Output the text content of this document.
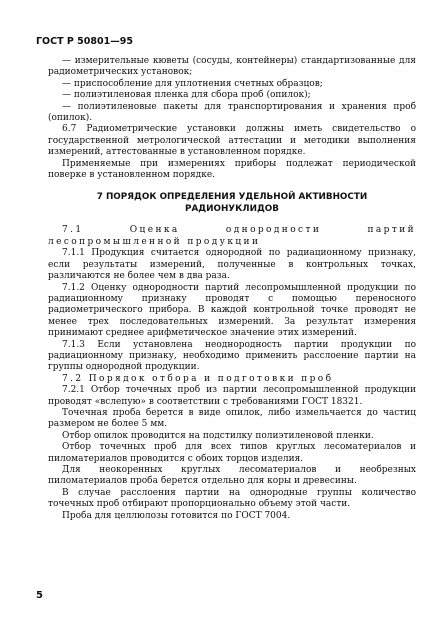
ГОСТ Р 50801—95

— измерительные кюветы (сосуды, контейнеры) стандартизованные для радиометрических установок;

— приспособление для уплотнения счетных образцов;

— полиэтиленовая пленка для сбора проб (опилок);

— полиэтиленовые пакеты для транспортирования и хранения проб (опилок).

6.7 Радиометрические установки должны иметь свидетельство о государственной метрологической аттестации и методики выполнения измерений, аттестованные в установленном порядке.

Применяемые при измерениях приборы подлежат периодической поверке в установленном порядке.

7 ПОРЯДОК ОПРЕДЕЛЕНИЯ УДЕЛЬНОЙ АКТИВНОСТИ
РАДИОНУКЛИДОВ

7.1 Оценка однородности партий лесопромышленной продукции

7.1.1 Продукция считается однородной по радиационному признаку, если результаты измерений, полученные в контрольных точках, различаются не более чем в два раза.

7.1.2 Оценку однородности партий лесопромышленной продукции по радиационному признаку проводят с помощью переносного радиометрического прибора. В каждой контрольной точке проводят не менее трех последовательных измерений. За результат измерения принимают среднее арифметическое значение этих измерений.

7.1.3 Если установлена неоднородность партии продукции по радиационному признаку, необходимо применить расслоение партии на группы однородной продукции.

7.2 Порядок отбора и подготовки проб

7.2.1 Отбор точечных проб из партии лесопромышленной продукции проводят «вслепую» в соответствии с требованиями ГОСТ 18321.

Точечная проба берется в виде опилок, либо измельчается до частиц размером не более 5 мм.

Отбор опилок проводится на подстилку полиэтиленовой пленки.

Отбор точечных проб для всех типов круглых лесоматериалов и пиломатериалов проводится с обоих торцов изделия.

Для неокоренных круглых лесоматериалов и необрезных пиломатериалов проба берется отдельно для коры и древесины.

В случае расслоения партии на однородные группы количество точечных проб отбирают пропорционально объему этой части.

Проба для целлюлозы готовится по ГОСТ 7004.

5
